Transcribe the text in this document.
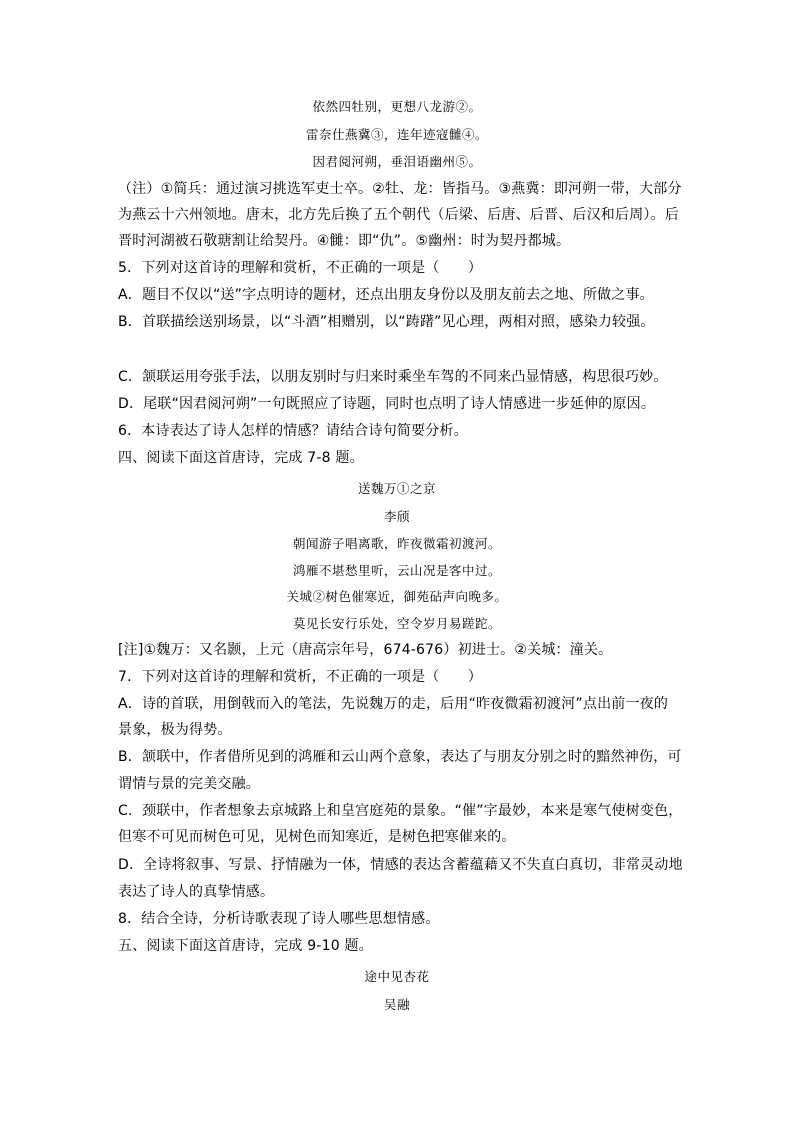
依然四牡别，更想八龙游②。
雷奈仕燕冀③，连年迹寇雠④。
因君阅河朔，垂泪语幽州⑤。
（注）①简兵：通过演习挑选军吏士卒。②牡、龙：皆指马。③燕冀：即河朔一带，大部分
为燕云十六州领地。唐末，北方先后换了五个朝代（后梁、后唐、后晋、后汉和后周）。后
晋时河湖被石敬瑭割让给契丹。④雠：即“仇”。⑤幽州：时为契丹都城。
5．下列对这首诗的理解和赏析，不正确的一项是（　　）
A．题目不仅以“送”字点明诗的题材，还点出朋友身份以及朋友前去之地、所做之事。
B．首联描绘送别场景，以“斗酒”相赠别，以“踌躇”见心理，两相对照，感染力较强。
C．颔联运用夸张手法，以朋友别时与归来时乘坐车驾的不同来凸显情感，构思很巧妙。
D．尾联“因君阅河朔”一句既照应了诗题，同时也点明了诗人情感进一步延伸的原因。
6．本诗表达了诗人怎样的情感？请结合诗句简要分析。
四、阅读下面这首唐诗，完成 7-8 题。
送魏万①之京
李颀
朝闻游子唱离歌，昨夜微霜初渡河。
鸿雁不堪愁里听，云山况是客中过。
关城②树色催寒近，御苑砧声向晚多。
莫见长安行乐处，空令岁月易蹉跎。
[注]①魏万：又名颢，上元（唐高宗年号，674-676）初进士。②关城：潼关。
7．下列对这首诗的理解和赏析，不正确的一项是（　　）
A．诗的首联，用倒戟而入的笔法，先说魏万的走，后用“昨夜微霜初渡河”点出前一夜的
景象，极为得势。
B．颔联中，作者借所见到的鸿雁和云山两个意象，表达了与朋友分别之时的黯然神伤，可
谓情与景的完美交融。
C．颈联中，作者想象去京城路上和皇宫庭苑的景象。“催”字最妙，本来是寒气使树变色，
但寒不可见而树色可见，见树色而知寒近，是树色把寒催来的。
D．全诗将叙事、写景、抒情融为一体，情感的表达含蓄蕴藉又不失直白真切，非常灵动地
表达了诗人的真挚情感。
8．结合全诗，分析诗歌表现了诗人哪些思想情感。
五、阅读下面这首唐诗，完成 9-10 题。
途中见杏花
吴融
